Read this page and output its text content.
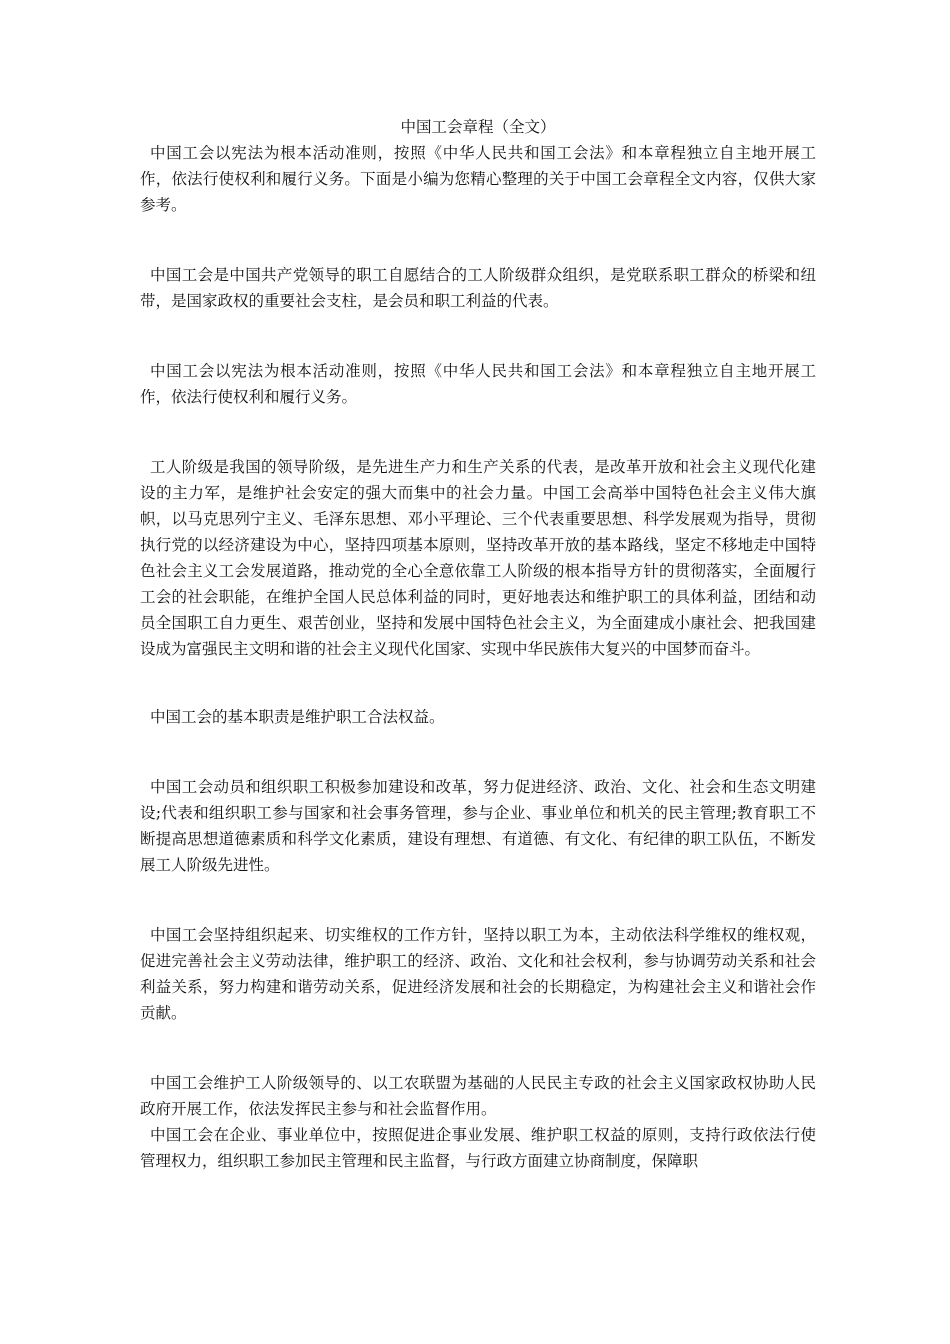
中国工会章程（全文）

中国工会以宪法为根本活动准则，按照《中华人民共和国工会法》和本章程独立自主地开展工作，依法行使权利和履行义务。下面是小编为您精心整理的关于中国工会章程全文内容，仅供大家参考。

中国工会是中国共产党领导的职工自愿结合的工人阶级群众组织，是党联系职工群众的桥梁和纽带，是国家政权的重要社会支柱，是会员和职工利益的代表。

中国工会以宪法为根本活动准则，按照《中华人民共和国工会法》和本章程独立自主地开展工作，依法行使权利和履行义务。

工人阶级是我国的领导阶级，是先进生产力和生产关系的代表，是改革开放和社会主义现代化建设的主力军，是维护社会安定的强大而集中的社会力量。中国工会高举中国特色社会主义伟大旗帜，以马克思列宁主义、毛泽东思想、邓小平理论、三个代表重要思想、科学发展观为指导，贯彻执行党的以经济建设为中心，坚持四项基本原则，坚持改革开放的基本路线，坚定不移地走中国特色社会主义工会发展道路，推动党的全心全意依靠工人阶级的根本指导方针的贯彻落实，全面履行工会的社会职能，在维护全国人民总体利益的同时，更好地表达和维护职工的具体利益，团结和动员全国职工自力更生、艰苦创业，坚持和发展中国特色社会主义，为全面建成小康社会、把我国建设成为富强民主文明和谐的社会主义现代化国家、实现中华民族伟大复兴的中国梦而奋斗。

中国工会的基本职责是维护职工合法权益。

中国工会动员和组织职工积极参加建设和改革，努力促进经济、政治、文化、社会和生态文明建设;代表和组织职工参与国家和社会事务管理，参与企业、事业单位和机关的民主管理;教育职工不断提高思想道德素质和科学文化素质，建设有理想、有道德、有文化、有纪律的职工队伍，不断发展工人阶级先进性。

中国工会坚持组织起来、切实维权的工作方针，坚持以职工为本，主动依法科学维权的维权观，促进完善社会主义劳动法律，维护职工的经济、政治、文化和社会权利，参与协调劳动关系和社会利益关系，努力构建和谐劳动关系，促进经济发展和社会的长期稳定，为构建社会主义和谐社会作贡献。

中国工会维护工人阶级领导的、以工农联盟为基础的人民民主专政的社会主义国家政权协助人民政府开展工作，依法发挥民主参与和社会监督作用。

中国工会在企业、事业单位中，按照促进企事业发展、维护职工权益的原则，支持行政依法行使管理权力，组织职工参加民主管理和民主监督，与行政方面建立协商制度，保障职
